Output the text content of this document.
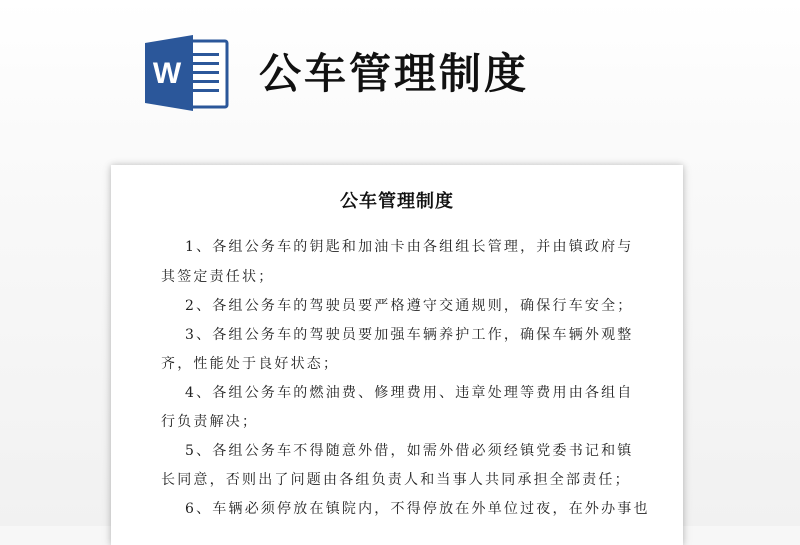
W 公车管理制度
公车管理制度
1、各组公务车的钥匙和加油卡由各组组长管理，并由镇政府与
其签定责任状；
2、各组公务车的驾驶员要严格遵守交通规则，确保行车安全；
3、各组公务车的驾驶员要加强车辆养护工作，确保车辆外观整
齐，性能处于良好状态；
4、各组公务车的燃油费、修理费用、违章处理等费用由各组自
行负责解决；
5、各组公务车不得随意外借，如需外借必须经镇党委书记和镇
长同意，否则出了问题由各组负责人和当事人共同承担全部责任；
6、车辆必须停放在镇院内，不得停放在外单位过夜，在外办事也
